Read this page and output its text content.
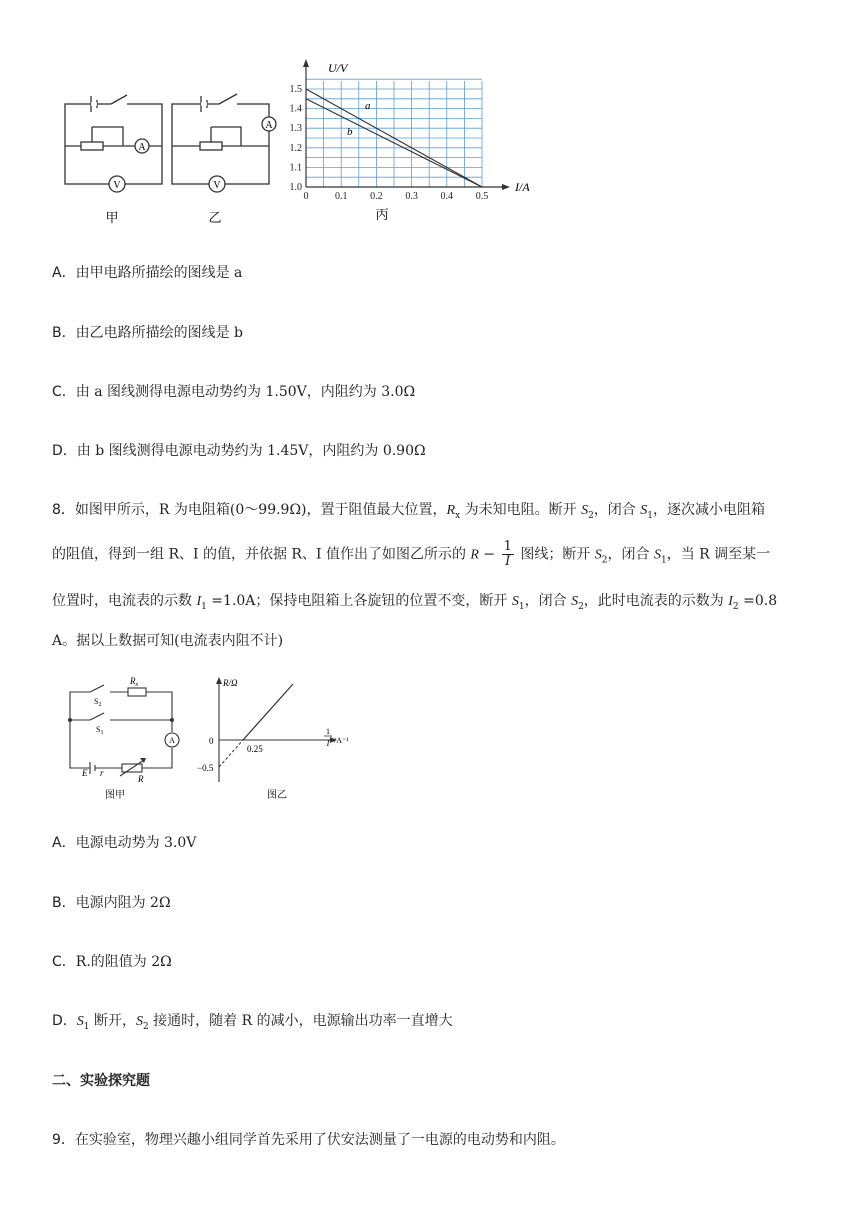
A
V
A
V
甲	乙
0	0.1 0.2 0.3 0.4 0.5
1.0
1.1
1.2
1.3
1.4
1.5
U/V
I/A
a
b
丙
A．由甲电路所描绘的图线是 a
B．由乙电路所描绘的图线是 b
C．由 a 图线测得电源电动势约为 1.50V，内阻约为 3.0Ω
D．由 b 图线测得电源电动势约为 1.45V，内阻约为 0.90Ω
8．如图甲所示，R 为电阻箱(0～99.9Ω)，置于阻值最大位置，$R_x$ 为未知电阻。断开 $S_2$，闭合 $S_1$，逐次减小电阻箱
的阻值，得到一组 R、I 的值，并依据 R、I 值作出了如图乙所示的 $R - \frac{1}{I}$ 图线；断开 $S_2$，闭合 $S_1$，当 R 调至某一
位置时，电流表的示数 $I_1 =1.0A$；保持电阻箱上各旋钮的位置不变，断开 $S_1$，闭合 $S_2$，此时电流表的示数为 $I_2 =0.8$
A。据以上数据可知(电流表内阻不计)
$R_x$
$S_2$
$S_1$
A
E r
R
图甲
R/Ω
0
0.25
−0.5
1
I /A⁻¹
图乙
A．电源电动势为 3.0V
B．电源内阻为 2Ω
C．R.的阻值为 2Ω
D．$S_1$ 断开，$S_2$ 接通时，随着 R 的减小，电源输出功率一直增大
二、实验探究题
9．在实验室，物理兴趣小组同学首先采用了伏安法测量了一电源的电动势和内阻。
